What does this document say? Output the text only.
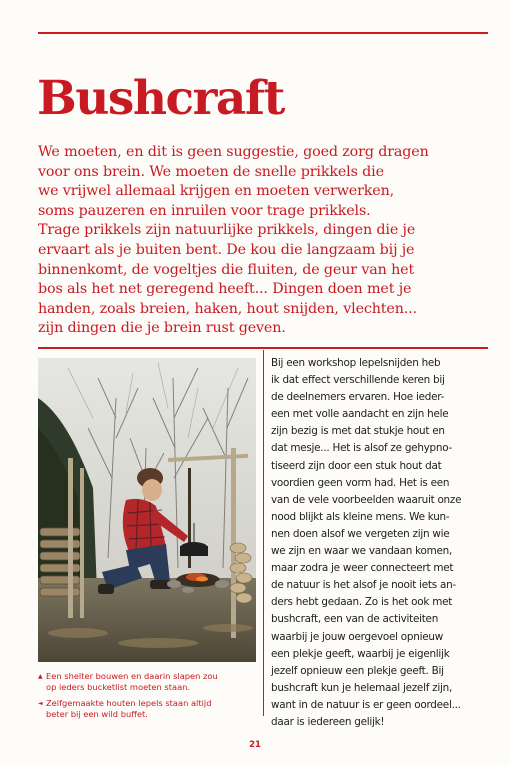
Bushcraft
We moeten, en dit is geen suggestie, goed zorg dragen
voor ons brein. We moeten de snelle prikkels die
we vrijwel allemaal krijgen en moeten verwerken,
soms pauzeren en inruilen voor trage prikkels.
Trage prikkels zijn natuurlijke prikkels, dingen die je
ervaart als je buiten bent. De kou die langzaam bij je
binnenkomt, de vogeltjes die fluiten, de geur van het
bos als het net geregend heeft... Dingen doen met je
handen, zoals breien, haken, hout snijden, vlechten...
zijn dingen die je brein rust geven.
▲ Een shelter bouwen en daarin slapen zou
op ieders bucketlist moeten staan.
◄ Zelfgemaakte houten lepels staan altijd
beter bij een wild buffet.
Bij een workshop lepelsnijden heb
ik dat effect verschillende keren bij
de deelnemers ervaren. Hoe ieder-
een met volle aandacht en zijn hele
zijn bezig is met dat stukje hout en
dat mesje... Het is alsof ze gehypno-
tiseerd zijn door een stuk hout dat
voordien geen vorm had. Het is een
van de vele voorbeelden waaruit onze
nood blijkt als kleine mens. We kun-
nen doen alsof we vergeten zijn wie
we zijn en waar we vandaan komen,
maar zodra je weer connecteert met
de natuur is het alsof je nooit iets an-
ders hebt gedaan. Zo is het ook met
bushcraft, een van de activiteiten
waarbij je jouw oergevoel opnieuw
een plekje geeft, waarbij je eigenlijk
jezelf opnieuw een plekje geeft. Bij
bushcraft kun je helemaal jezelf zijn,
want in de natuur is er geen oordeel...
daar is iedereen gelijk!
21
